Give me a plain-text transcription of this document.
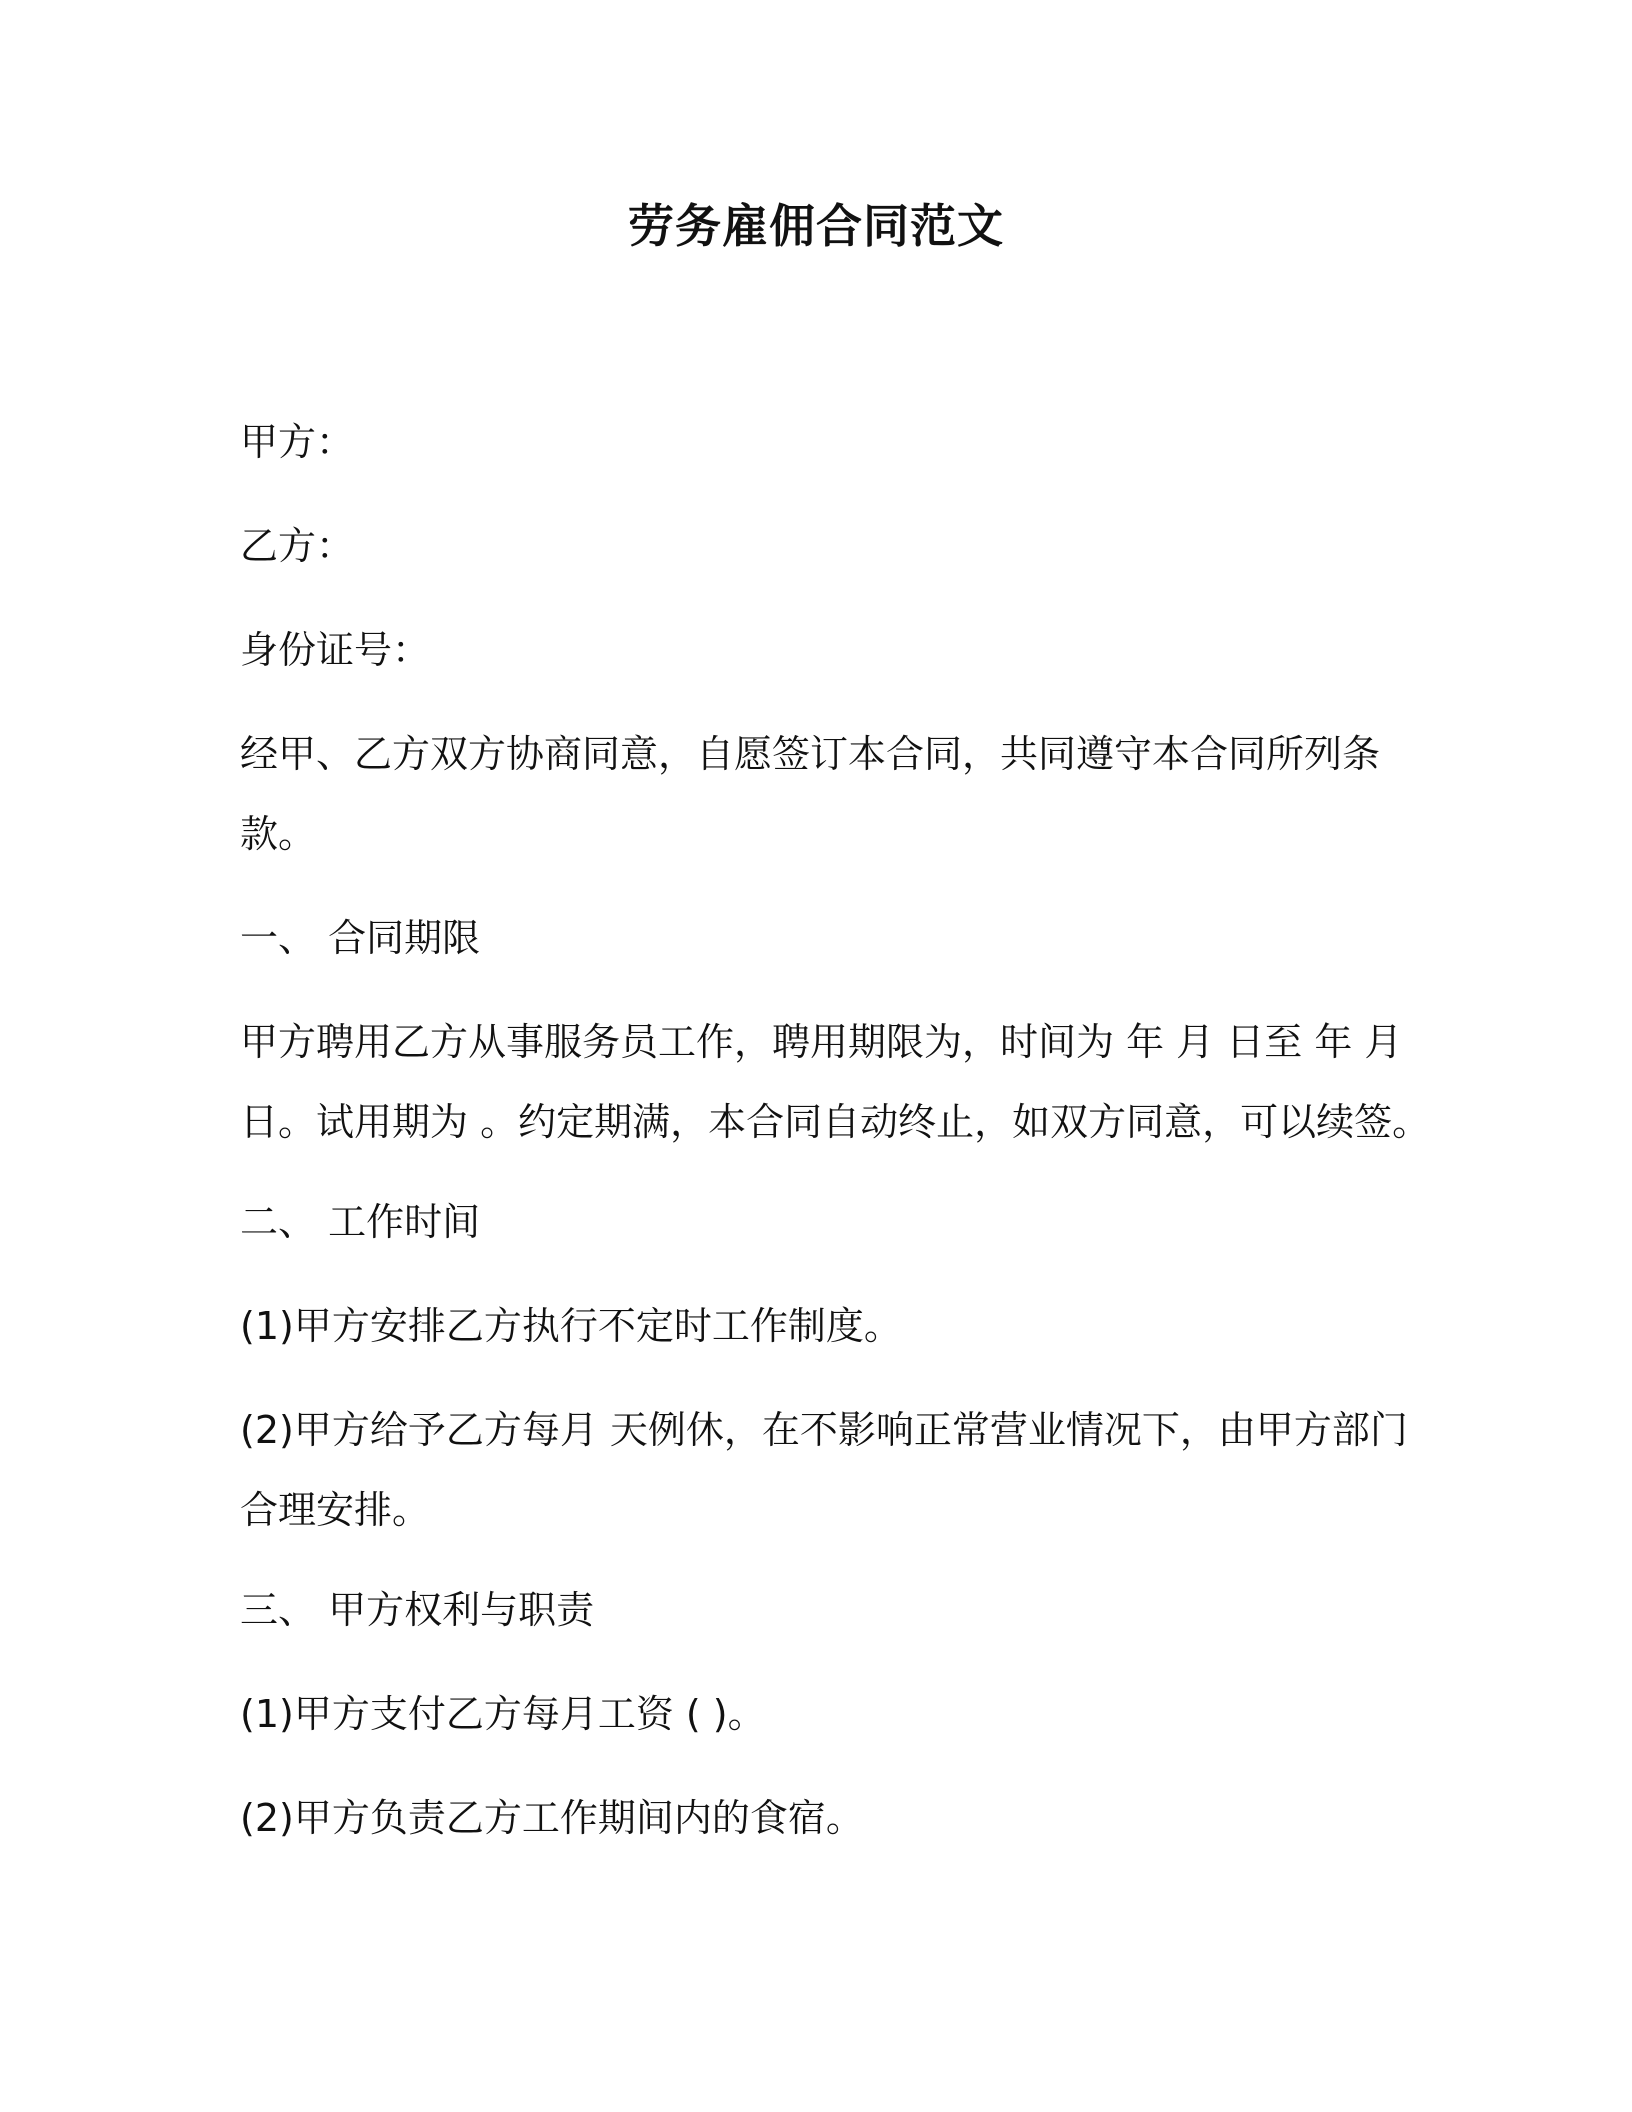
劳务雇佣合同范文
甲方：
乙方：
身份证号：
经甲、乙方双方协商同意，自愿签订本合同，共同遵守本合同所列条
款。
一、 合同期限
甲方聘用乙方从事服务员工作，聘用期限为，时间为 年 月 日至 年 月
日。试用期为 。约定期满，本合同自动终止，如双方同意，可以续签。
二、 工作时间
(1)甲方安排乙方执行不定时工作制度。
(2)甲方给予乙方每月 天例休，在不影响正常营业情况下，由甲方部门
合理安排。
三、 甲方权利与职责
(1)甲方支付乙方每月工资 ( )。
(2)甲方负责乙方工作期间内的食宿。
